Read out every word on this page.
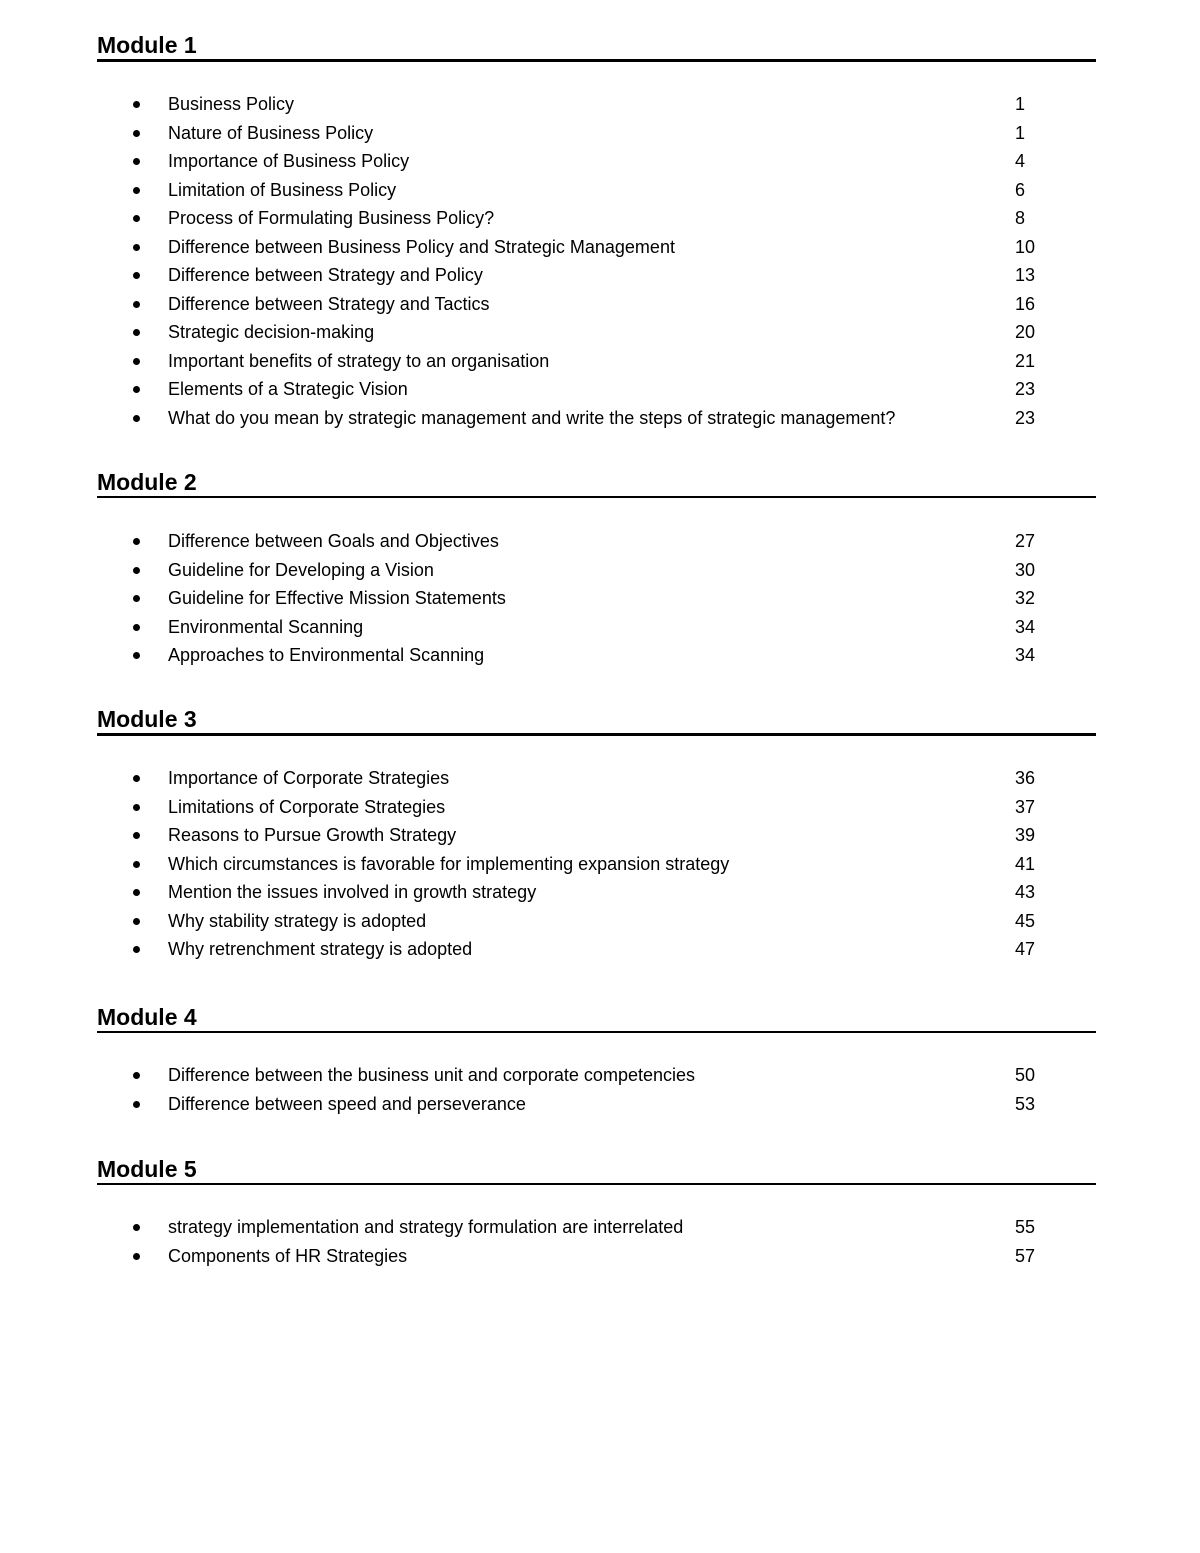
Module 1
Business Policy	1
Nature of Business Policy	1
Importance of Business Policy	4
Limitation of Business Policy	6
Process of Formulating Business Policy?	8
Difference between Business Policy and Strategic Management	10
Difference between Strategy and Policy	13
Difference between Strategy and Tactics	16
Strategic decision-making	20
Important benefits of strategy to an organisation	21
Elements of a Strategic Vision	23
What do you mean by strategic management and write the steps of strategic management?	23
Module 2
Difference between Goals and Objectives	27
Guideline for Developing a Vision	30
Guideline for Effective Mission Statements	32
Environmental Scanning	34
Approaches to Environmental Scanning	34
Module 3
Importance of Corporate Strategies	36
Limitations of Corporate Strategies	37
Reasons to Pursue Growth Strategy	39
Which circumstances is favorable for implementing expansion strategy	41
Mention the issues involved in growth strategy	43
Why stability strategy is adopted	45
Why retrenchment strategy is adopted	47
Module 4
Difference between the business unit and corporate competencies	50
Difference between speed and perseverance	53
Module 5
strategy implementation and strategy formulation are interrelated	55
Components of HR Strategies	57
